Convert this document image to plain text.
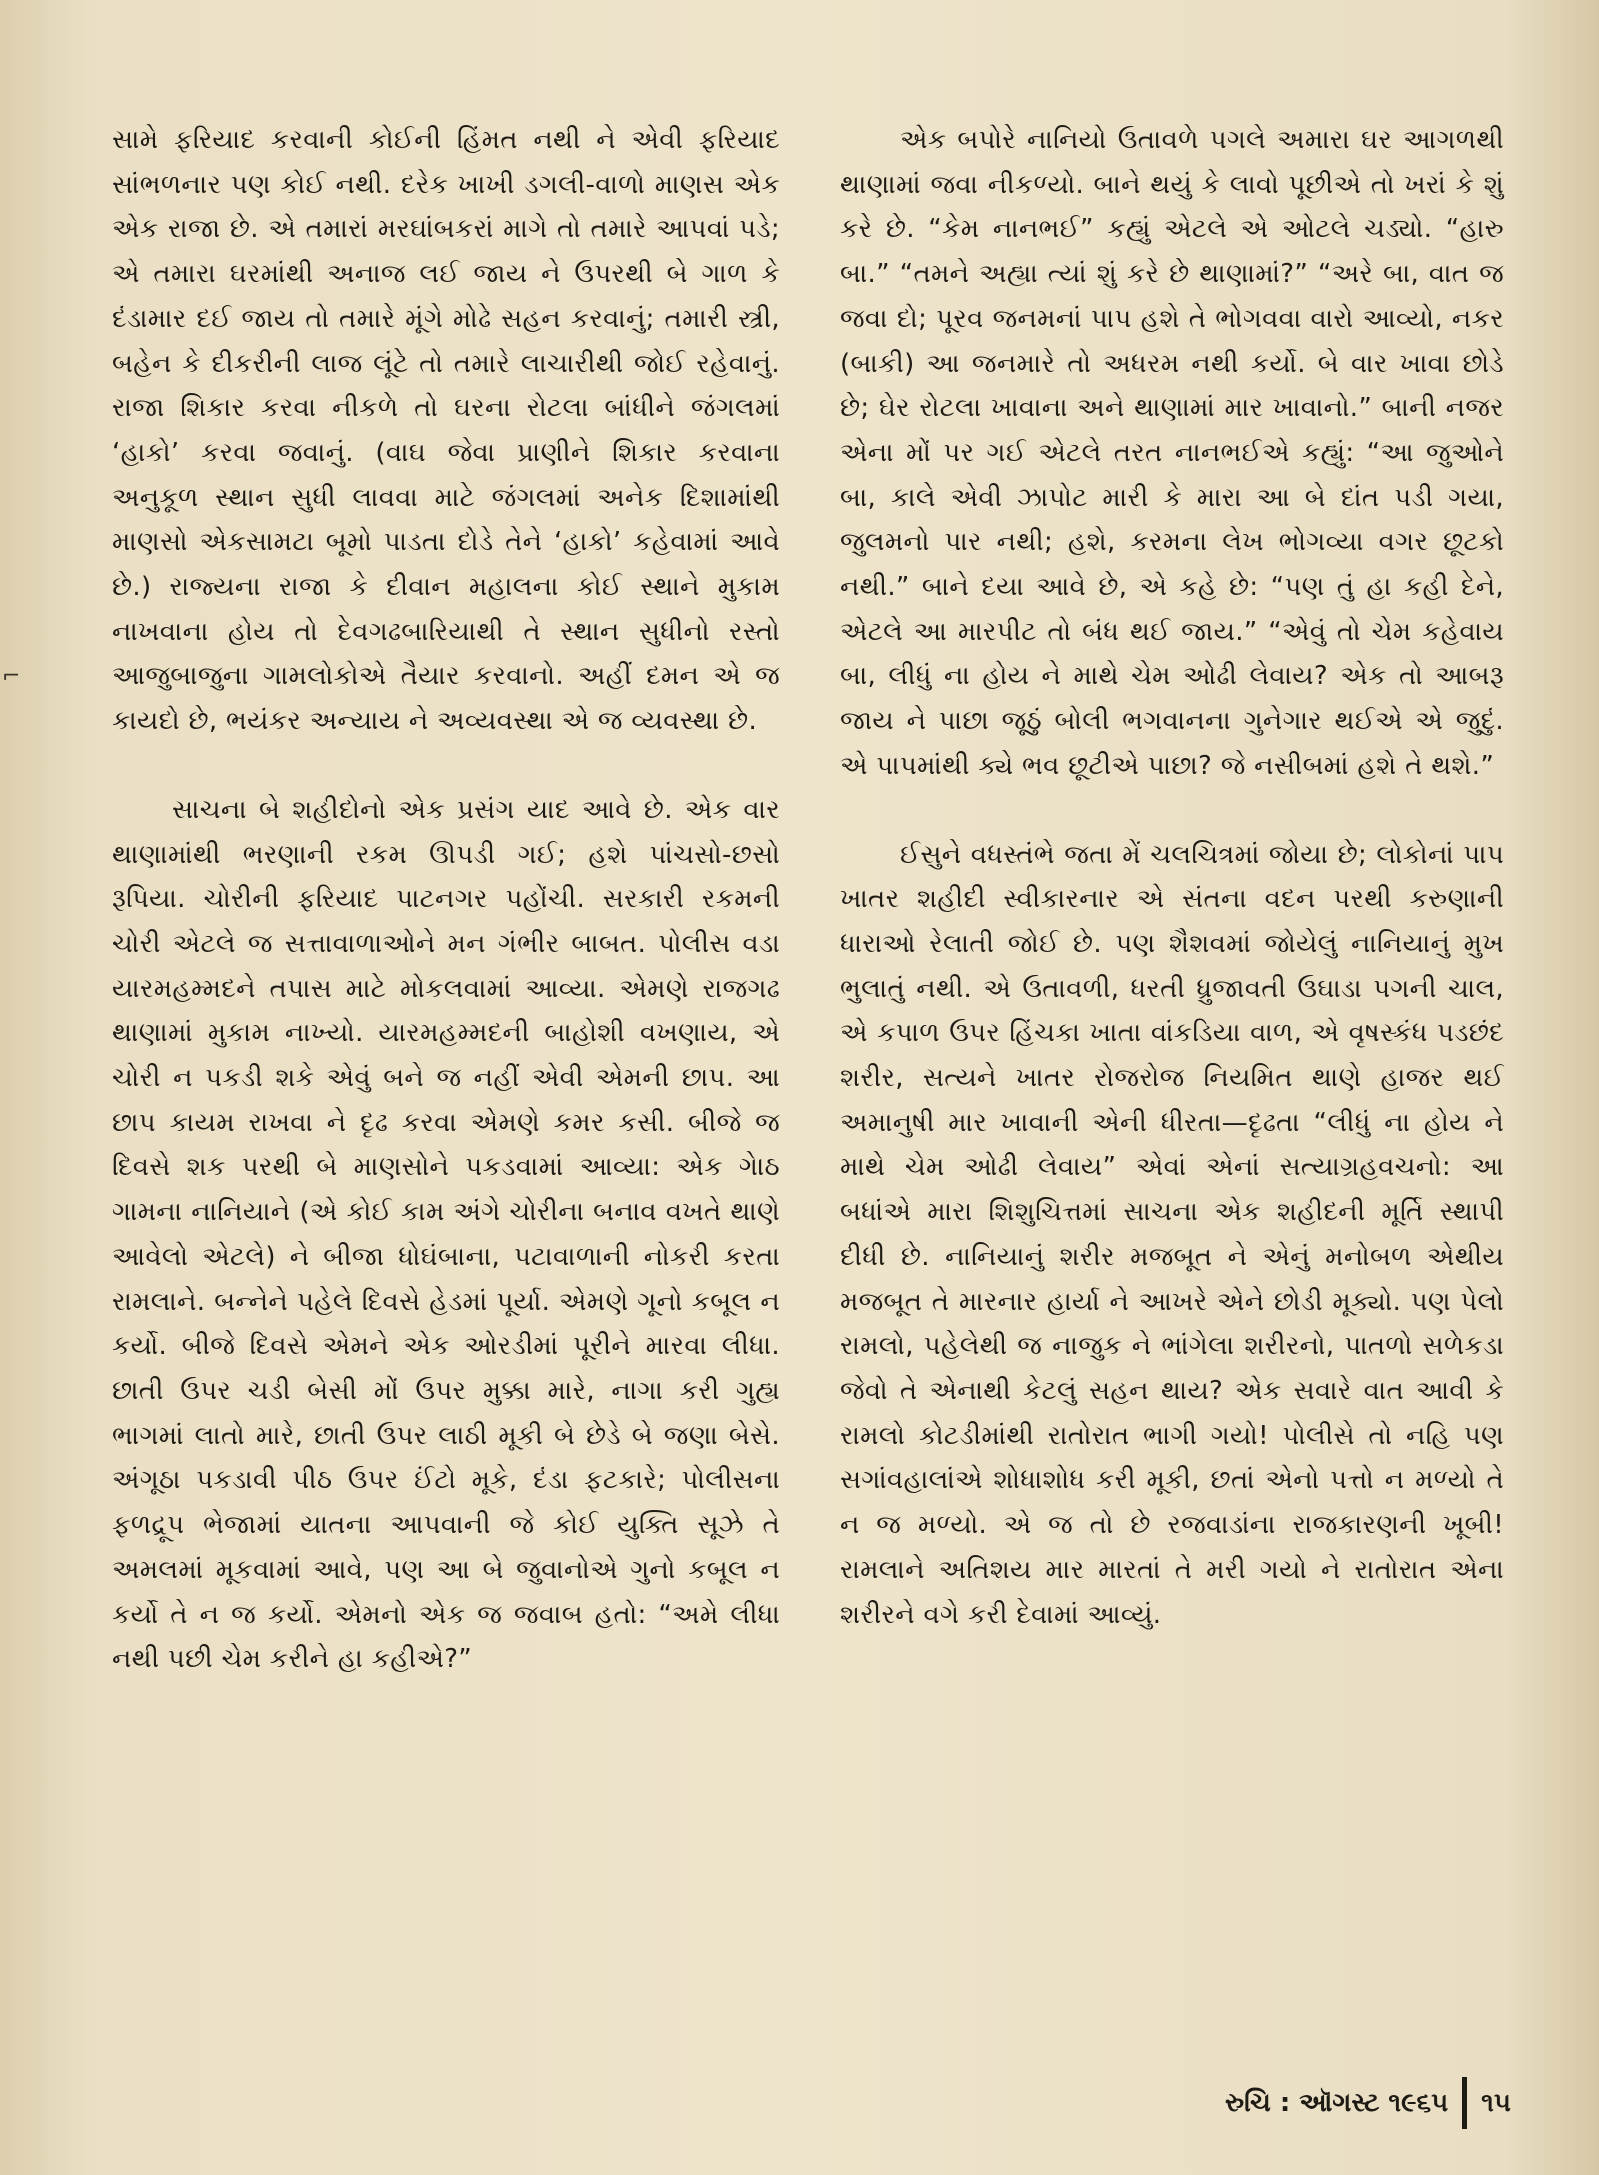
⌐

સામે ફરિયાદ કરવાની કોઈની હિંમત નથી ને એવી ફરિયાદ સાંભળનાર પણ કોઈ નથી. દરેક ખાખી ડગલી-વાળો માણસ એક એક રાજા છે. એ તમારાં મરઘાંબકરાં માગે તો તમારે આપવાં પડે; એ તમારા ઘરમાંથી અનાજ લઈ જાય ને ઉપરથી બે ગાળ કે દંડામાર દઈ જાય તો તમારે મૂંગે મોઢે સહન કરવાનું; તમારી સ્ત્રી, બહેન કે દીકરીની લાજ લૂંટે તો તમારે લાચારીથી જોઈ રહેવાનું. રાજા શિકાર કરવા નીકળે તો ઘરના રોટલા બાંધીને જંગલમાં ‘હાકો’ કરવા જવાનું. (વાઘ જેવા પ્રાણીને શિકાર કરવાના અનુકૂળ સ્થાન સુધી લાવવા માટે જંગલમાં અનેક દિશામાંથી માણસો એકસામટા બૂમો પાડતા દોડે તેને ‘હાકો’ કહેવામાં આવે છે.) રાજ્યના રાજા કે દીવાન મહાલના કોઈ સ્થાને મુકામ નાખવાના હોય તો દેવગઢબારિયાથી તે સ્થાન સુધીનો રસ્તો આજુબાજુના ગામલોકોએ તૈયાર કરવાનો. અહીં દમન એ જ કાયદો છે, ભયંકર અન્યાય ને અવ્યવસ્થા એ જ વ્યવસ્થા છે.

સાચના બે શહીદોનો એક પ્રસંગ યાદ આવે છે. એક વાર થાણામાંથી ભરણાની રકમ ઊપડી ગઈ; હશે પાંચસો-છસો રૂપિયા. ચોરીની ફરિયાદ પાટનગર પહોંચી. સરકારી રકમની ચોરી એટલે જ સત્તાવાળાઓને મન ગંભીર બાબત. પોલીસ વડા યારમહમ્મદને તપાસ માટે મોકલવામાં આવ્યા. એમણે રાજગઢ થાણામાં મુકામ નાખ્યો. યારમહમ્મદની બાહોશી વખણાય, એ ચોરી ન પકડી શકે એવું બને જ નહીં એવી એમની છાપ. આ છાપ કાયમ રાખવા ને દૃઢ કરવા એમણે કમર કસી. બીજે જ દિવસે શક પરથી બે માણસોને પકડવામાં આવ્યા: એક ગેાઠ ગામના નાનિયાને (એ કોઈ કામ અંગે ચોરીના બનાવ વખતે થાણે આવેલો એટલે) ને બીજા ધોઘંબાના, પટાવાળાની નોકરી કરતા રામલાને. બન્નેને પહેલે દિવસે હેડમાં પૂર્યા. એમણે ગૂનો કબૂલ ન કર્યો. બીજે દિવસે એમને એક ઓરડીમાં પૂરીને મારવા લીધા. છાતી ઉપર ચડી બેસી મોં ઉપર મુક્કા મારે, નાગા કરી ગુહ્ય ભાગમાં લાતો મારે, છાતી ઉપર લાઠી મૂકી બે છેડે બે જણા બેસે. અંગૂઠા પકડાવી પીઠ ઉપર ઈંટો મૂકે, દંડા ફટકારે; પોલીસના ફળદ્રૂપ ભેજામાં યાતના આપવાની જે કોઈ યુક્તિ સૂઝે તે અમલમાં મૂકવામાં આવે, પણ આ બે જુવાનોએ ગુનો કબૂલ ન કર્યો તે ન જ કર્યો. એમનો એક જ જવાબ હતો: “અમે લીધા નથી પછી ચેમ કરીને હા કહીએ?”

એક બપોરે નાનિયો ઉતાવળે પગલે અમારા ઘર આગળથી થાણામાં જવા નીકળ્યો. બાને થયું કે લાવો પૂછીએ તો ખરાં કે શું કરે છે. “કેમ નાનભઈ” કહ્યું એટલે એ ઓટલે ચડ્યો. “હારુ બા.” “તમને અહ્યા ત્યાં શું કરે છે થાણામાં?” “અરે બા, વાત જ જવા દો; પૂરવ જનમનાં પાપ હશે તે ભોગવવા વારો આવ્યો, નકર (બાકી) આ જનમારે તો અધરમ નથી કર્યો. બે વાર ખાવા છોડે છે; ઘેર રોટલા ખાવાના અને થાણામાં માર ખાવાનો.” બાની નજર એના મોં પર ગઈ એટલે તરત નાનભઈએ કહ્યું: “આ જુઓને બા, કાલે એવી ઝાપોટ મારી કે મારા આ બે દાંત પડી ગયા, જુલમનો પાર નથી; હશે, કરમના લેખ ભોગવ્યા વગર છૂટકો નથી.” બાને દયા આવે છે, એ કહે છે: “પણ તું હા કહી દેને, એટલે આ મારપીટ તો બંધ થઈ જાય.” “એવું તો ચેમ કહેવાય બા, લીધું ના હોય ને માથે ચેમ ઓઢી લેવાય? એક તો આબરૂ જાય ને પાછા જૂઠું બોલી ભગવાનના ગુનેગાર થઈએ એ જુદું. એ પાપમાંથી ક્યે ભવ છૂટીએ પાછા? જે નસીબમાં હશે તે થશે.”

ઈસુને વધસ્તંભે જતા મેં ચલચિત્રમાં જોયા છે; લોકોનાં પાપ ખાતર શહીદી સ્વીકારનાર એ સંતના વદન પરથી કરુણાની ધારાઓ રેલાતી જોઈ છે. પણ શૈશવમાં જોયેલું નાનિયાનું મુખ ભુલાતું નથી. એ ઉતાવળી, ધરતી ધ્રુજાવતી ઉઘાડા પગની ચાલ, એ કપાળ ઉપર હિંચકા ખાતા વાંકડિયા વાળ, એ વૃષસ્કંધ પડછંદ શરીર, સત્યને ખાતર રોજરોજ નિયમિત થાણે હાજર થઈ અમાનુષી માર ખાવાની એની ધીરતા—દૃઢતા “લીધું ના હોય ને માથે ચેમ ઓઢી લેવાય” એવાં એનાં સત્યાગ્રહવચનો: આ બધાંએ મારા શિશુચિત્તમાં સાચના એક શહીદની મૂર્તિ સ્થાપી દીધી છે. નાનિયાનું શરીર મજબૂત ને એનું મનોબળ એથીય મજબૂત તે મારનાર હાર્યા ને આખરે એને છોડી મૂક્યો. પણ પેલો રામલો, પહેલેથી જ નાજુક ને ભાંગેલા શરીરનો, પાતળો સળેકડા જેવો તે એનાથી કેટલું સહન થાય? એક સવારે વાત આવી કે રામલો કોટડીમાંથી રાતોરાત ભાગી ગયો! પોલીસે તો નહિ પણ સગાંવહાલાંએ શોધાશોધ કરી મૂકી, છતાં એનો પત્તો ન મળ્યો તે ન જ મળ્યો. એ જ તો છે રજવાડાંના રાજકારણની ખૂબી! રામલાને અતિશય માર મારતાં તે મરી ગયો ને રાતોરાત એના શરીરને વગે કરી દેવામાં આવ્યું.

રુચિ : ઑગસ્ટ ૧૯૬૫ ૧૫
